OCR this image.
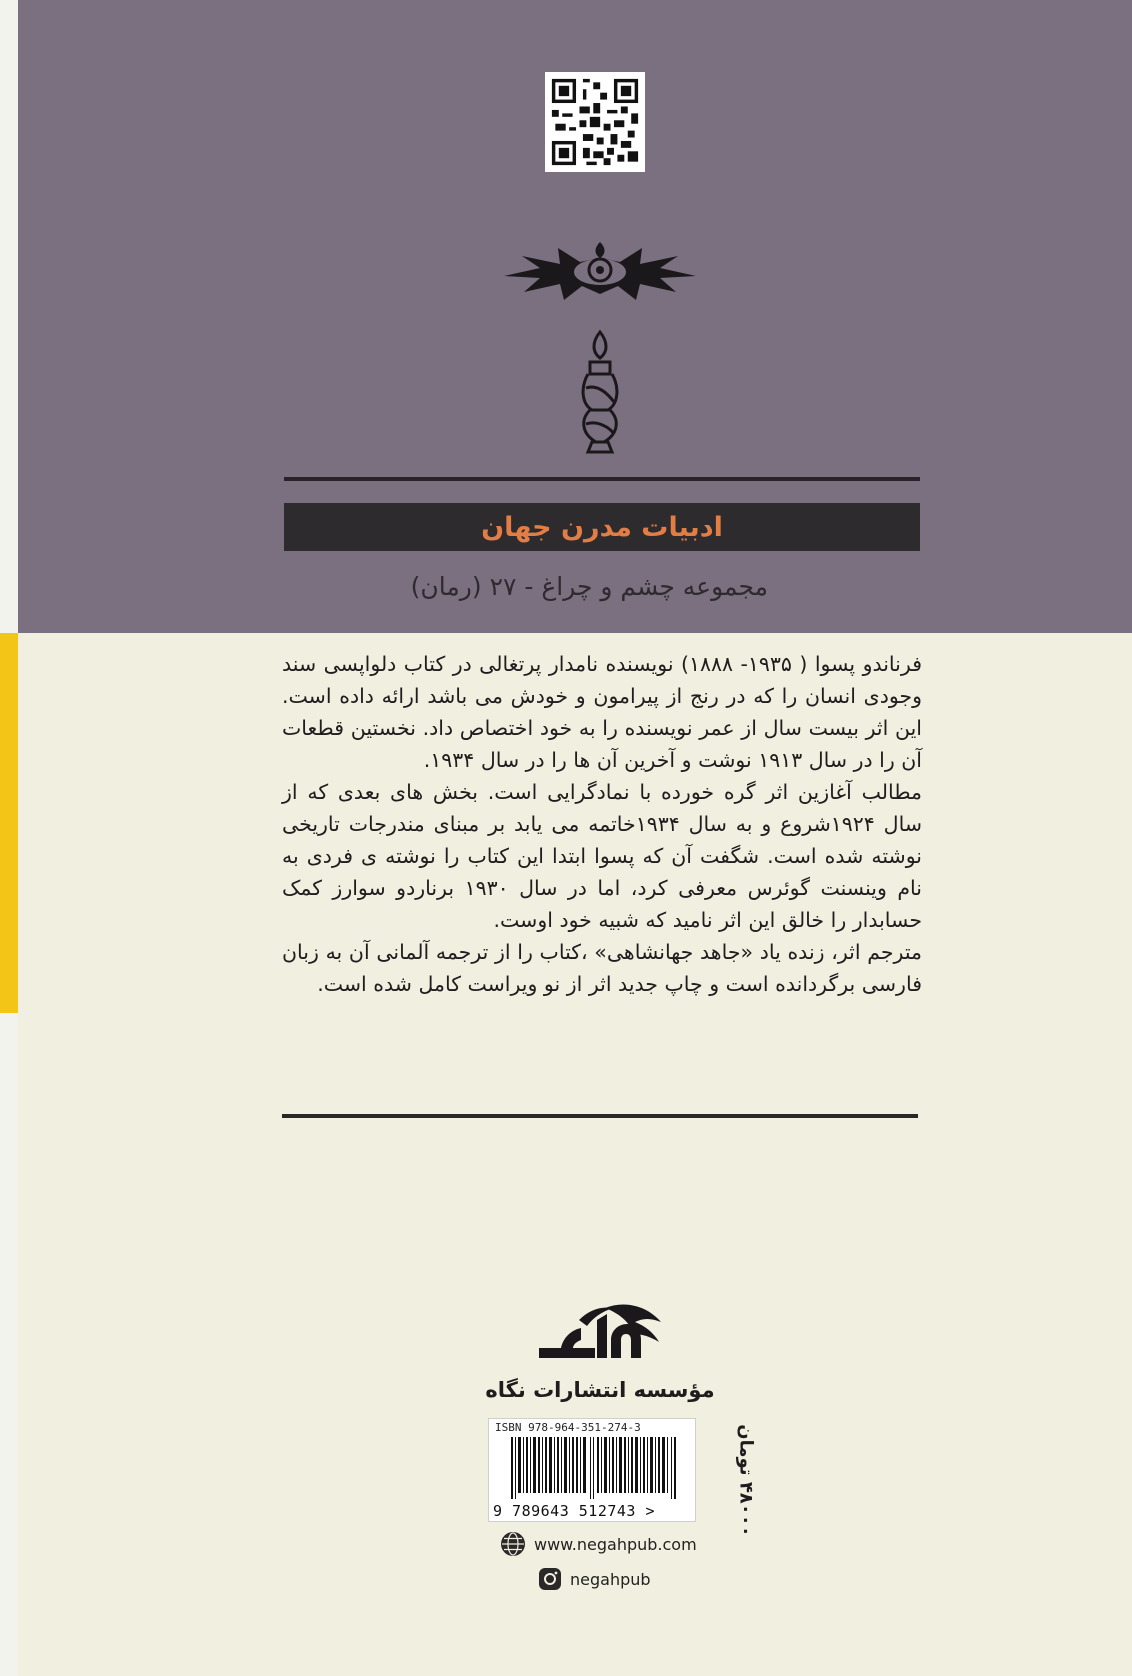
ادبیات مدرن جهان
مجموعه چشم و چراغ - ۲۷ (رمان)

فرناندو پسوا ( ۱۹۳۵- ۱۸۸۸) نویسنده نامدار پرتغالی در کتاب دلواپسی سند وجودی انسان را که در رنج از پیرامون و خودش می باشد ارائه داده است. این اثر بیست سال از عمر نویسنده را به خود اختصاص داد. نخستین قطعات آن را در سال ۱۹۱۳ نوشت و آخرین آن ها را در سال ۱۹۳۴.

مطالب آغازین اثر گره خورده با نمادگرایی است. بخش های بعدی که از سال ۱۹۲۴شروع و به سال ۱۹۳۴خاتمه می یابد بر مبنای مندرجات تاریخی نوشته شده است. شگفت آن که پسوا ابتدا این کتاب را نوشته ی فردی به نام وینسنت گوئرس معرفی کرد، اما در سال ۱۹۳۰ برناردو سوارز کمک حسابدار را خالق این اثر نامید که شبیه خود اوست.

مترجم اثر، زنده یاد «جاهد جهانشاهی» ،کتاب را از ترجمه آلمانی آن به زبان فارسی برگردانده است و چاپ جدید اثر از نو ویراست کامل شده است.

مؤسسه انتشارات نگاه
ISBN 978-964-351-274-3
9 789643 512743 >
۴۸۰۰۰ تومان
www.negahpub.com
negahpub
